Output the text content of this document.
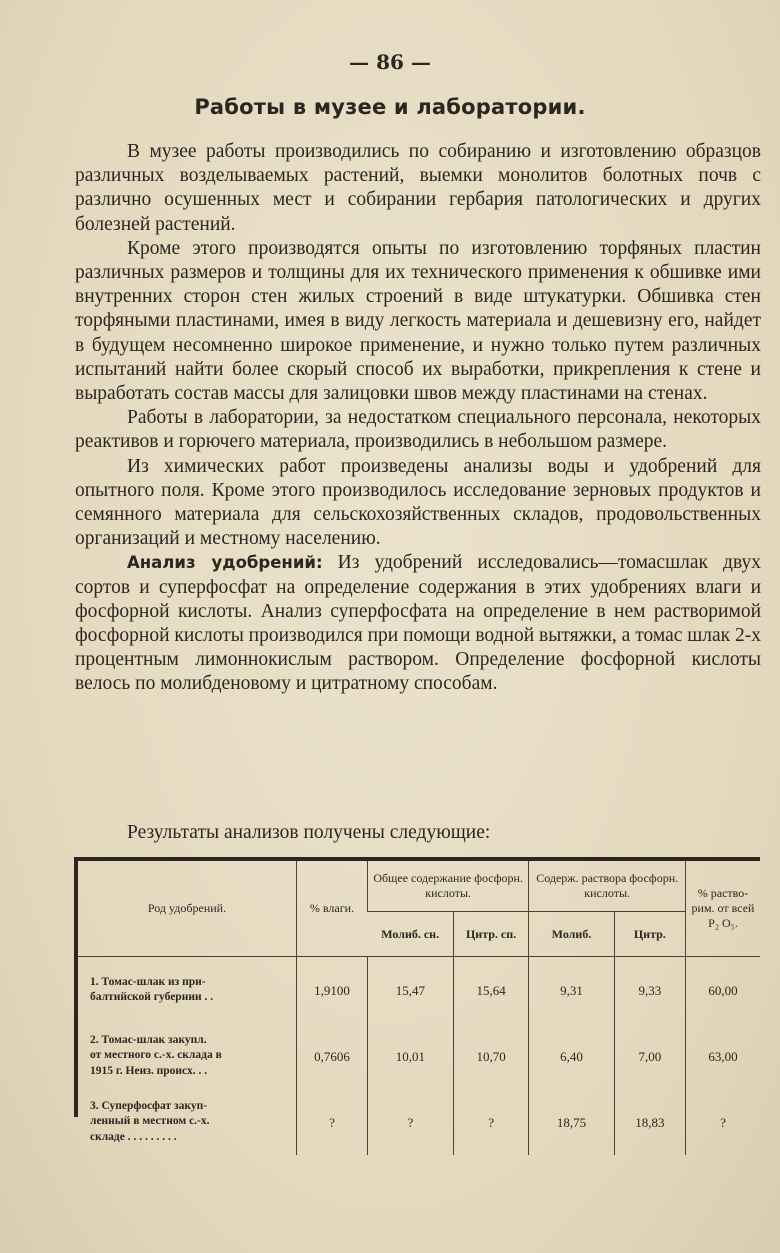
— 86 —
Работы в музее и лаборатории.

В музее работы производились по собиранию и изготовлению образцов различных возделываемых растений, выемки монолитов болотных почв с различно осушенных мест и собирании гербария патологических и других болезней растений.

Кроме этого производятся опыты по изготовлению торфяных пластин различных размеров и толщины для их технического применения к обшивке ими внутренних сторон стен жилых строений в виде штукатурки. Обшивка стен торфяными пластинами, имея в виду легкость материала и дешевизну его, найдет в будущем несомненно широкое применение, и нужно только путем различных испытаний найти более скорый способ их выработки, прикрепления к стене и выработать состав массы для залицовки швов между пластинами на стенах.

Работы в лаборатории, за недостатком специального персонала, некоторых реактивов и горючего материала, производились в небольшом размере.

Из химических работ произведены анализы воды и удобрений для опытного поля. Кроме этого производилось исследование зерновых продуктов и семянного материала для сельскохозяйственных складов, продовольственных организаций и местному населению.

Анализ удобрений: Из удобрений исследовались—томасшлак двух сортов и суперфосфат на определение содержания в этих удобрениях влаги и фосфорной кислоты. Анализ суперфосфата на определение в нем растворимой фосфорной кислоты производился при помощи водной вытяжки, а томас шлак 2-х процентным лимоннокислым раствором. Определение фосфорной кислоты велось по молибденовому и цитратному способам.

Результаты анализов получены следующие:
Род удобрений.	% влаги.	Общее содержание фосфорн. кислоты.		Содерж. раствора фосфорн. кислоты.		% раство-рим. от всей P₂ O₅.
		Молиб. сн.	Цитр. сп.	Молиб.	Цитр.	

1. Томас-шлак из при-
балтийской губернии . .	1,9100	15,47	15,64	9,31	9,33	60,00

2. Томас-шлак закупл.
от местного с.-х. склада в
1915 г. Неиз. происх. . .	0,7606	10,01	10,70	6,40	7,00	63,00

3. Суперфосфат закуп-
ленный в местном с.-х.
складе . . . . . . . . .	?	?	?	18,75	18,83	?
